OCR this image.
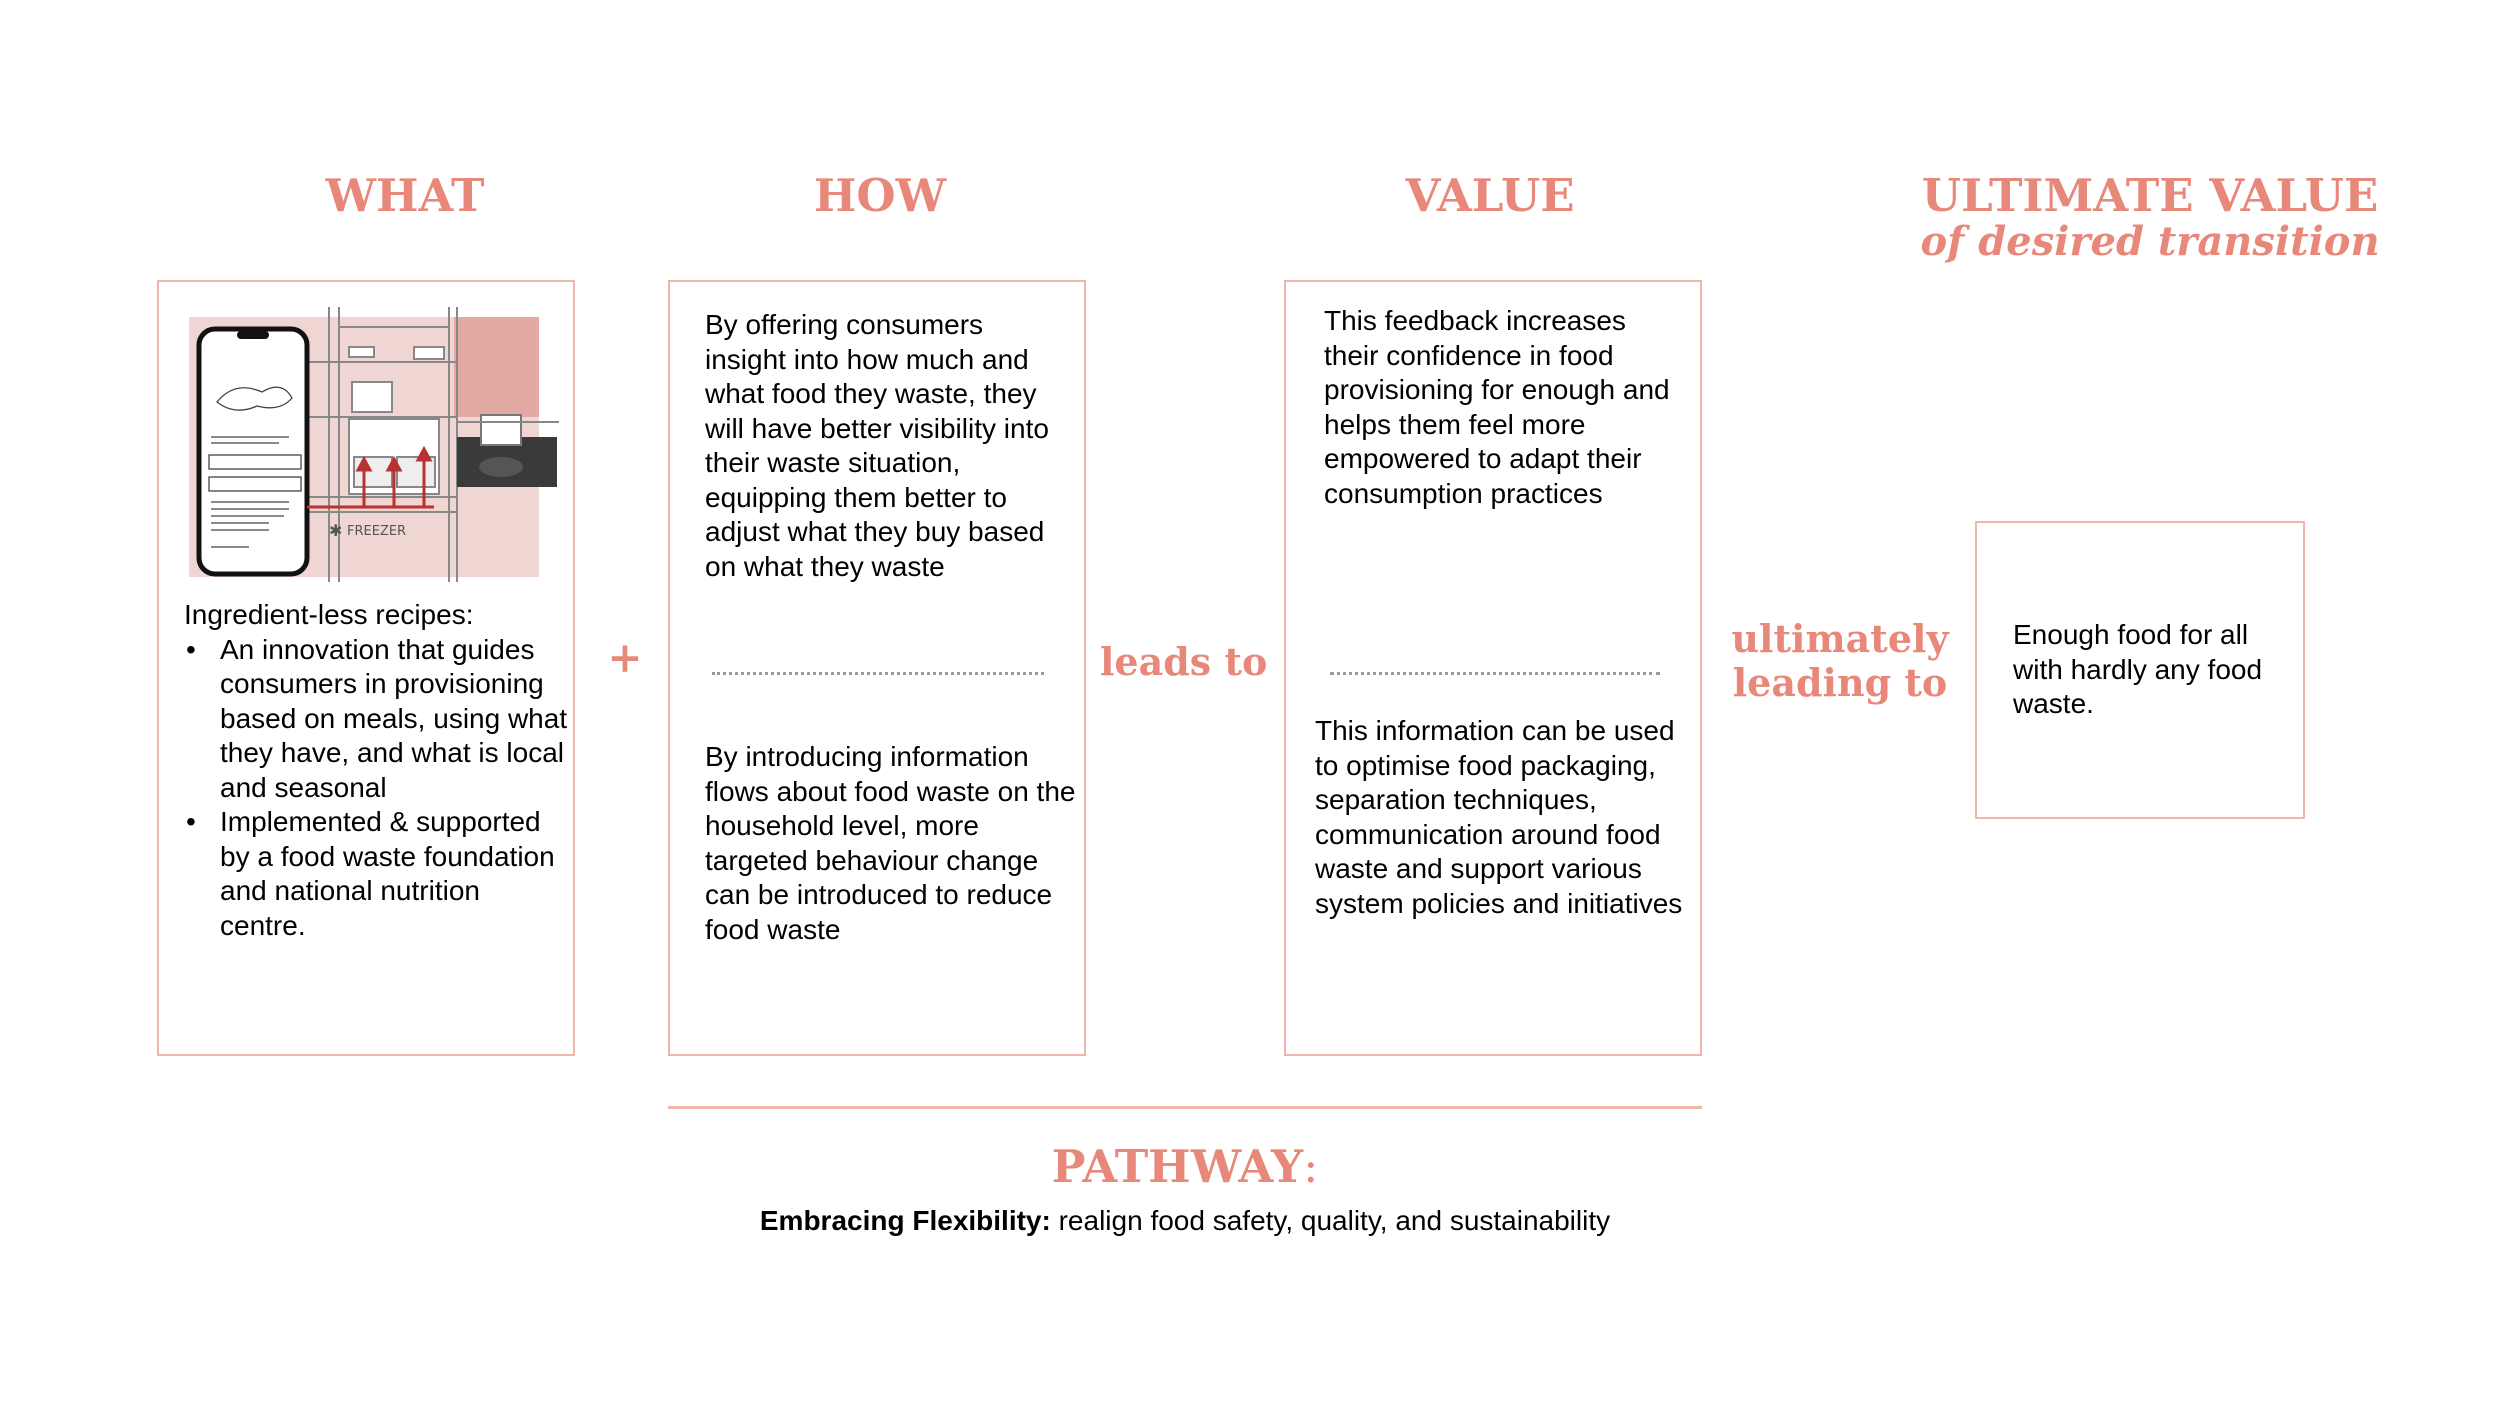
WHAT	HOW	VALUE	ULTIMATE VALUE
of desired transition
FREEZER
✱
Ingredient-less recipes:
• An innovation that guides consumers in provisioning based on meals, using what they have, and what is local and seasonal
• Implemented & supported by a food waste foundation and national nutrition centre.
+
By offering consumers insight into how much and what food they waste, they will have better visibility into their waste situation, equipping them better to adjust what they buy based on what they waste
By introducing information flows about food waste on the household level, more targeted behaviour change can be introduced to reduce food waste
leads to
This feedback increases their confidence in food provisioning for enough and helps them feel more empowered to adapt their consumption practices
This information can be used to optimise food packaging, separation techniques, communication around food waste and support various system policies and initiatives
ultimately
leading to
Enough food for all with hardly any food waste.
PATHWAY:
Embracing Flexibility: realign food safety, quality, and sustainability
